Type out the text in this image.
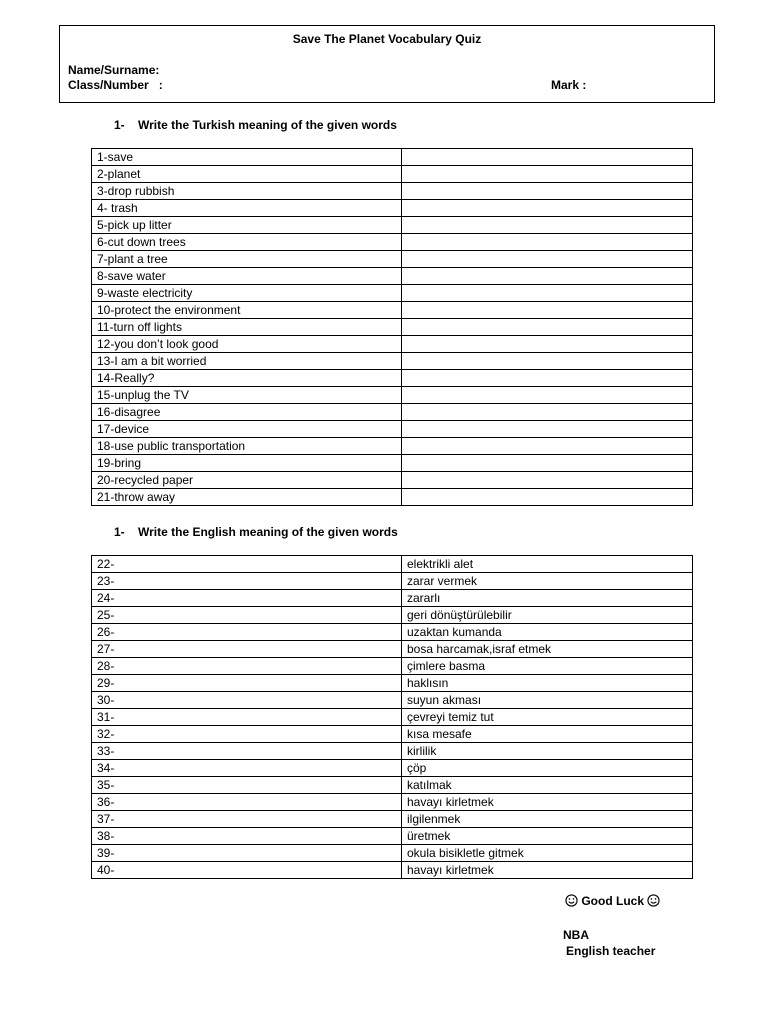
Save The Planet Vocabulary Quiz
Name/Surname:
Class/Number   :	Mark :
1- Write the Turkish meaning of the given words
1-save	
2-planet	
3-drop rubbish	
4- trash	
5-pick up litter	
6-cut down trees	
7-plant a tree	
8-save water	
9-waste electricity	
10-protect the environment	
11-turn off lights	
12-you don’t look good	
13-I am a bit worried	
14-Really?	
15-unplug the TV	
16-disagree	
17-device	
18-use public transportation	
19-bring	
20-recycled paper	
21-throw away	
1- Write the English meaning of the given words
22-	elektrikli alet
23-	zarar vermek
24-	zararlı
25-	geri dönüştürülebilir
26-	uzaktan kumanda
27-	bosa harcamak,israf etmek
28-	çimlere basma
29-	haklısın
30-	suyun akması
31-	çevreyi temiz tut
32-	kısa mesafe
33-	kirlilik
34-	çöp
35-	katılmak
36-	havayı kirletmek
37-	ilgilenmek
38-	üretmek
39-	okula bisikletle gitmek
40-	havayı kirletmek
Good Luck
NBA
English teacher
